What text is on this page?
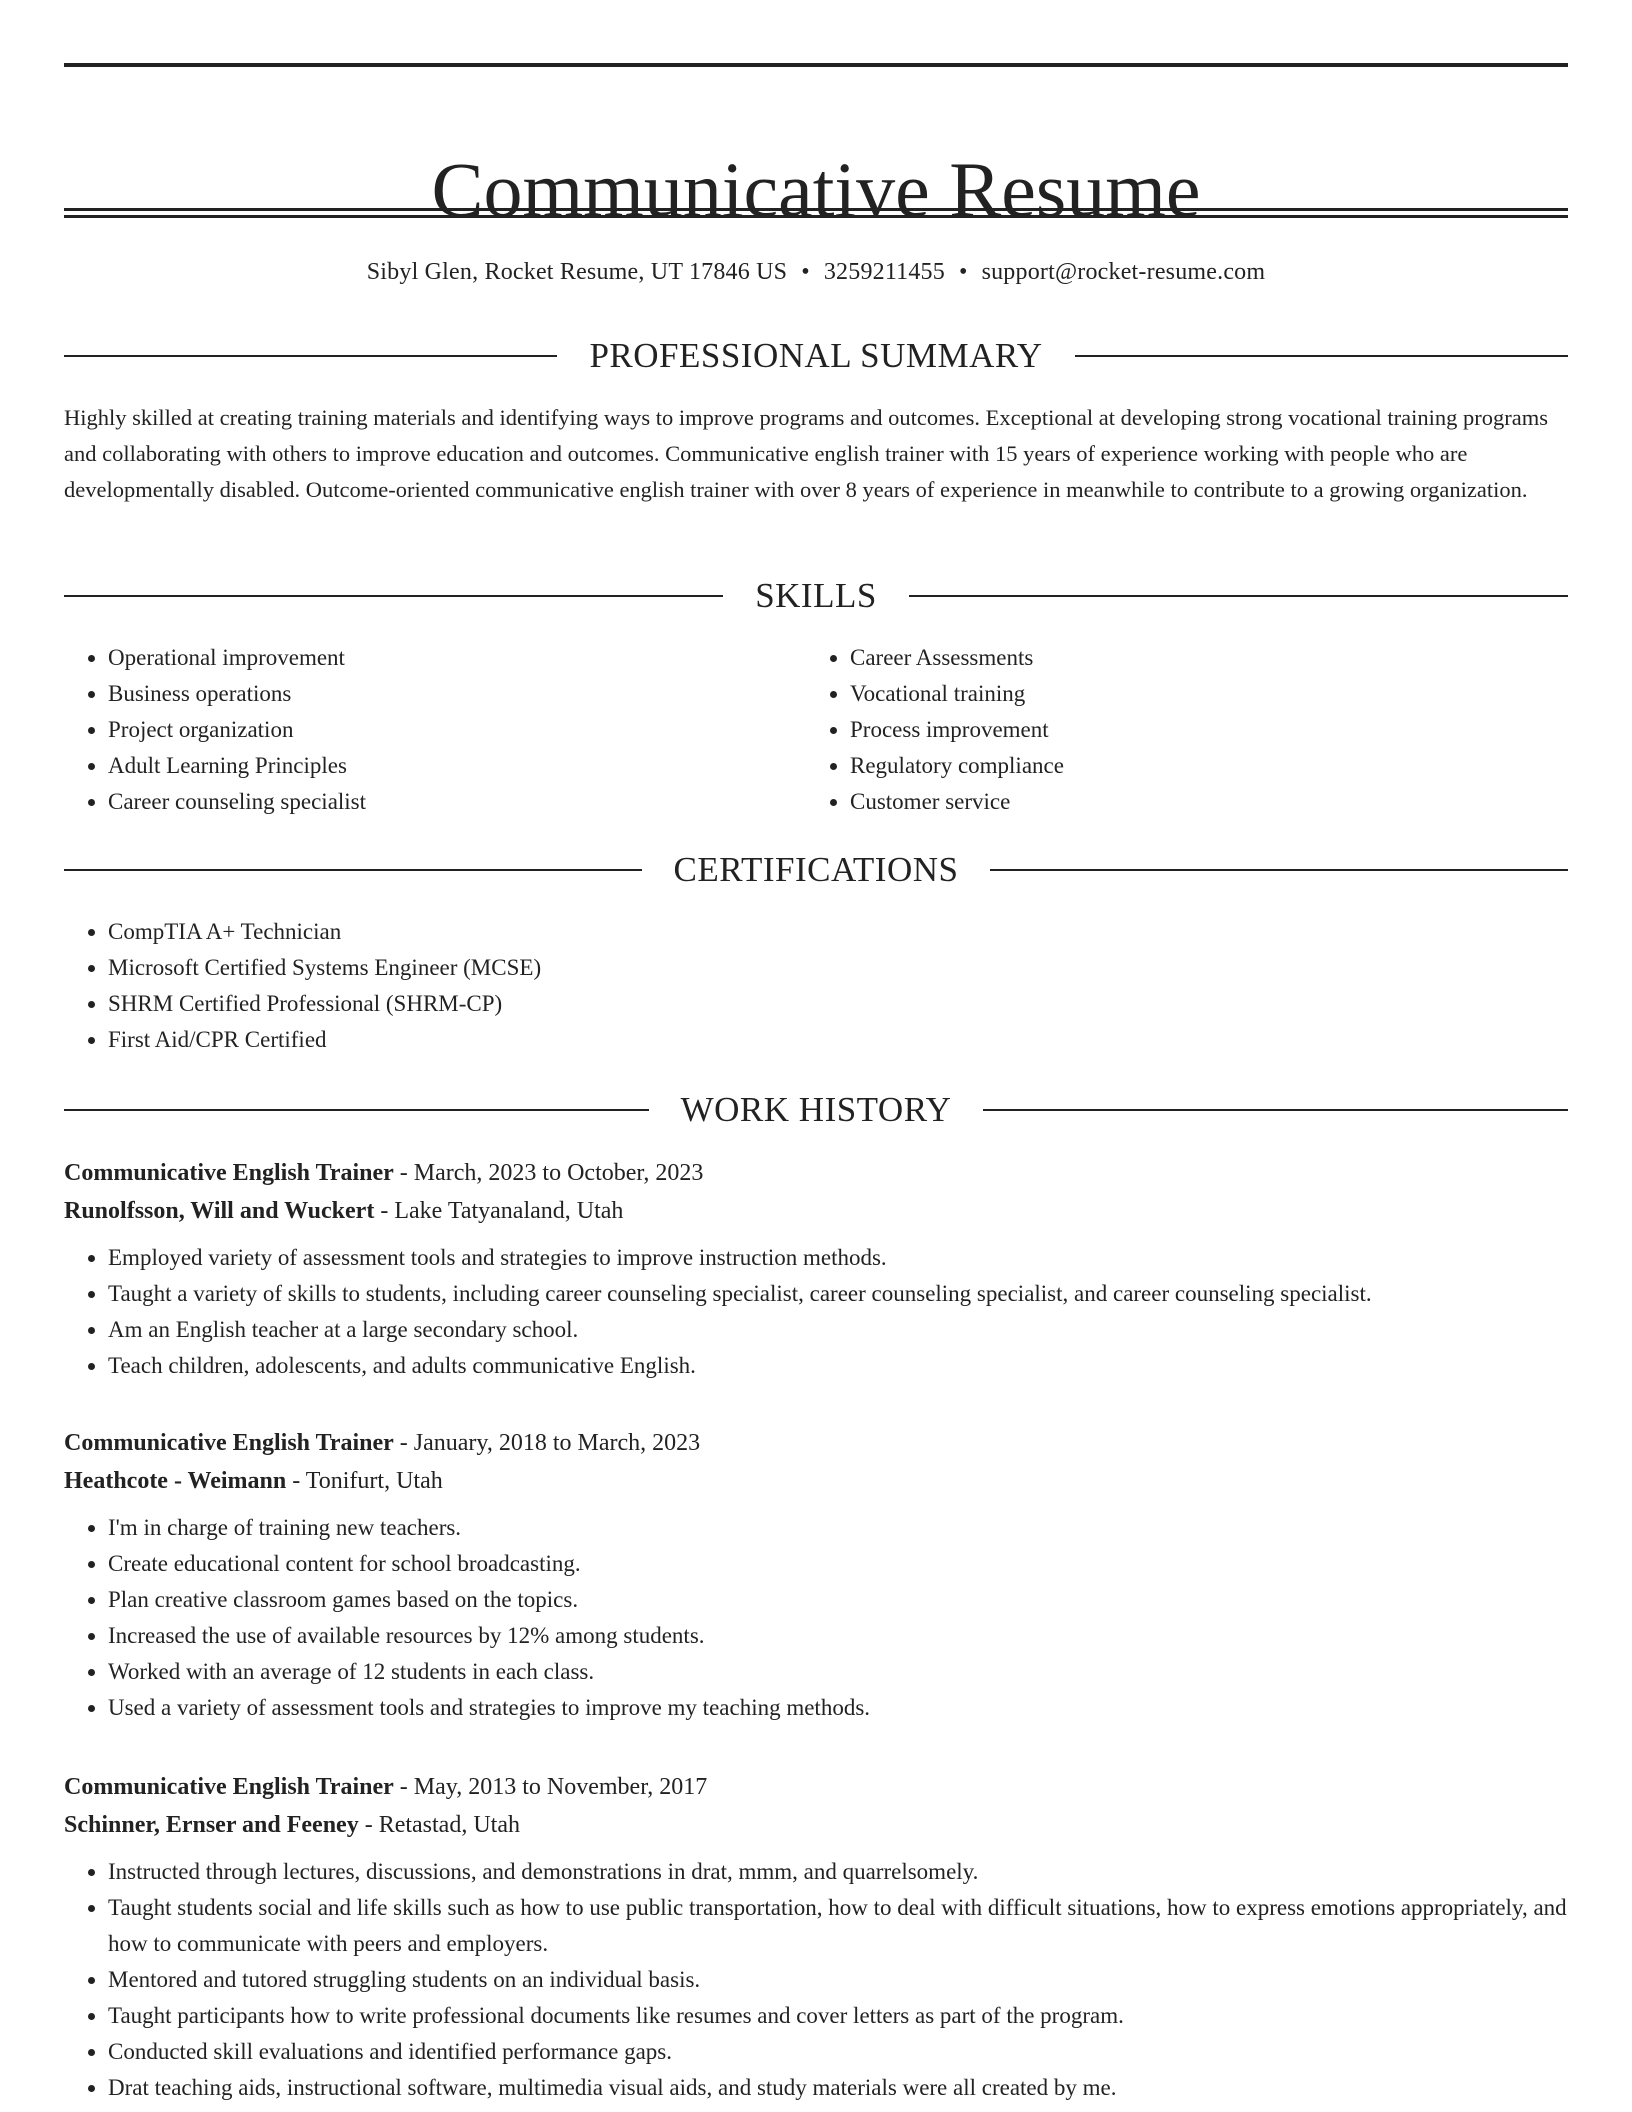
Communicative Resume
Sibyl Glen, Rocket Resume, UT 17846 US • 3259211455 • support@rocket-resume.com
PROFESSIONAL SUMMARY

Highly skilled at creating training materials and identifying ways to improve programs and outcomes. Exceptional at developing strong vocational training programs and collaborating with others to improve education and outcomes. Communicative english trainer with 15 years of experience working with people who are developmentally disabled. Outcome-oriented communicative english trainer with over 8 years of experience in meanwhile to contribute to a growing organization.

SKILLS
• Operational improvement
• Business operations
• Project organization
• Adult Learning Principles
• Career counseling specialist
• Career Assessments
• Vocational training
• Process improvement
• Regulatory compliance
• Customer service
CERTIFICATIONS
• CompTIA A+ Technician
• Microsoft Certified Systems Engineer (MCSE)
• SHRM Certified Professional (SHRM-CP)
• First Aid/CPR Certified
WORK HISTORY
Communicative English Trainer - March, 2023 to October, 2023
Runolfsson, Will and Wuckert - Lake Tatyanaland, Utah
• Employed variety of assessment tools and strategies to improve instruction methods.
• Taught a variety of skills to students, including career counseling specialist, career counseling specialist, and career counseling specialist.
• Am an English teacher at a large secondary school.
• Teach children, adolescents, and adults communicative English.
Communicative English Trainer - January, 2018 to March, 2023
Heathcote - Weimann - Tonifurt, Utah
• I'm in charge of training new teachers.
• Create educational content for school broadcasting.
• Plan creative classroom games based on the topics.
• Increased the use of available resources by 12% among students.
• Worked with an average of 12 students in each class.
• Used a variety of assessment tools and strategies to improve my teaching methods.
Communicative English Trainer - May, 2013 to November, 2017
Schinner, Ernser and Feeney - Retastad, Utah
• Instructed through lectures, discussions, and demonstrations in drat, mmm, and quarrelsomely.
• Taught students social and life skills such as how to use public transportation, how to deal with difficult situations, how to express emotions appropriately, and how to communicate with peers and employers.
• Mentored and tutored struggling students on an individual basis.
• Taught participants how to write professional documents like resumes and cover letters as part of the program.
• Conducted skill evaluations and identified performance gaps.
• Drat teaching aids, instructional software, multimedia visual aids, and study materials were all created by me.
